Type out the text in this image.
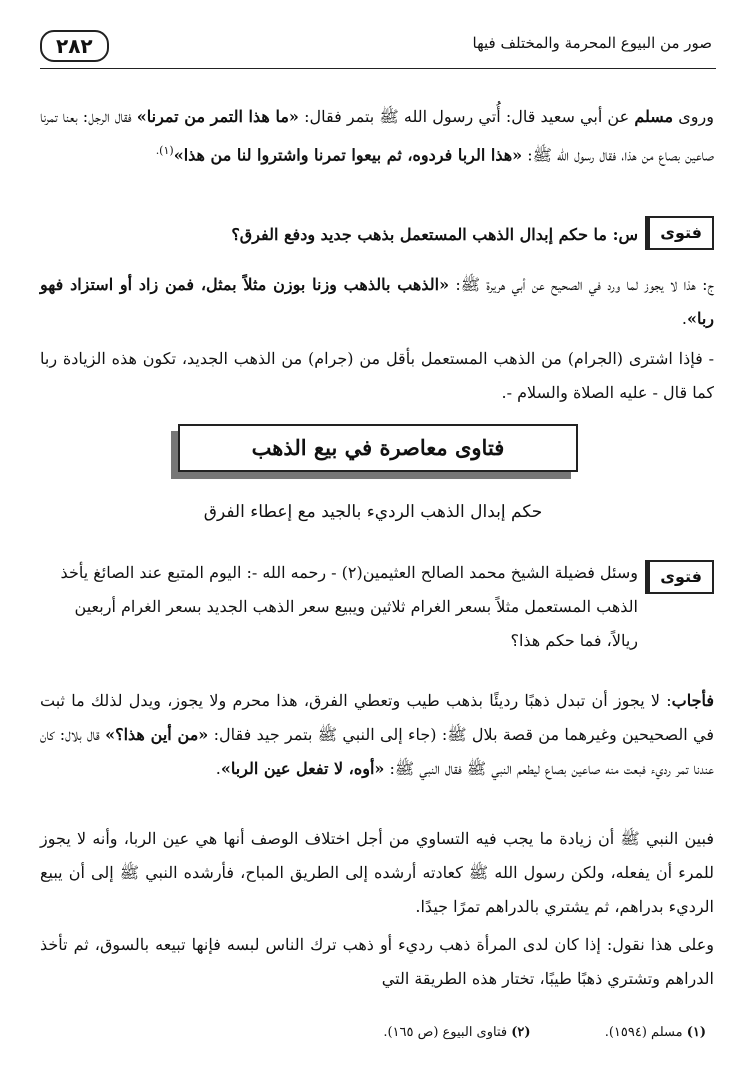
٢٨٢	صور من البيوع المحرمة والمختلف فيها
وروى مسلم عن أبي سعيد قال: أُتي رسول الله ﷺ بتمر فقال: «ما هذا التمر من تمرنا» فقال الرجل: بعنا تمرنا صاعين بصاع من هذا، فقال رسول الله ﷺ: «هذا الربا فردوه، ثم بيعوا تمرنا واشتروا لنا من هذا»$^{(١).}$
فتوى
س: ما حكم إبدال الذهب المستعمل بذهب جديد ودفع الفرق؟
ج: هذا لا يجوز لما ورد في الصحيح عن أبي هريرة ﷺ: «الذهب بالذهب وزنا بوزن مثلاً بمثل، فمن زاد أو استزاد فهو ربا».
- فإذا اشترى (الجرام) من الذهب المستعمل بأقل من (جرام) من الذهب الجديد، تكون هذه الزيادة ربا كما قال - عليه الصلاة والسلام -.
فتاوى معاصرة في بيع الذهب
حكم إبدال الذهب الرديء بالجيد مع إعطاء الفرق
فتوى
وسئل فضيلة الشيخ محمد الصالح العثيمين(٢) - رحمه الله -: اليوم المتبع عند الصائغ يأخذ الذهب المستعمل مثلاً بسعر الغرام ثلاثين ويبيع سعر الذهب الجديد بسعر الغرام أربعين ريالاً، فما حكم هذا؟
فأجاب: لا يجوز أن تبدل ذهبًا رديئًا بذهب طيب وتعطي الفرق، هذا محرم ولا يجوز، ويدل لذلك ما ثبت في الصحيحين وغيرهما من قصة بلال ﷺ: (جاء إلى النبي ﷺ بتمر جيد فقال: «من أين هذا؟» قال بلال: كان عندنا تمر رديء فبعت منه صاعين بصاع ليطعم النبي ﷺ فقال النبي ﷺ: «أوه، لا تفعل عين الربا».
فبين النبي ﷺ أن زيادة ما يجب فيه التساوي من أجل اختلاف الوصف أنها هي عين الربا، وأنه لا يجوز للمرء أن يفعله، ولكن رسول الله ﷺ كعادته أرشده إلى الطريق المباح، فأرشده النبي ﷺ إلى أن يبيع الرديء بدراهم، ثم يشتري بالدراهم تمرًا جيدًا.
وعلى هذا نقول: إذا كان لدى المرأة ذهب رديء أو ذهب ترك الناس لبسه فإنها تبيعه بالسوق، ثم تأخذ الدراهم وتشتري ذهبًا طيبًا، تختار هذه الطريقة التي
(١) مسلم (١٥٩٤). (٢) فتاوى البيوع (ص ١٦٥).
